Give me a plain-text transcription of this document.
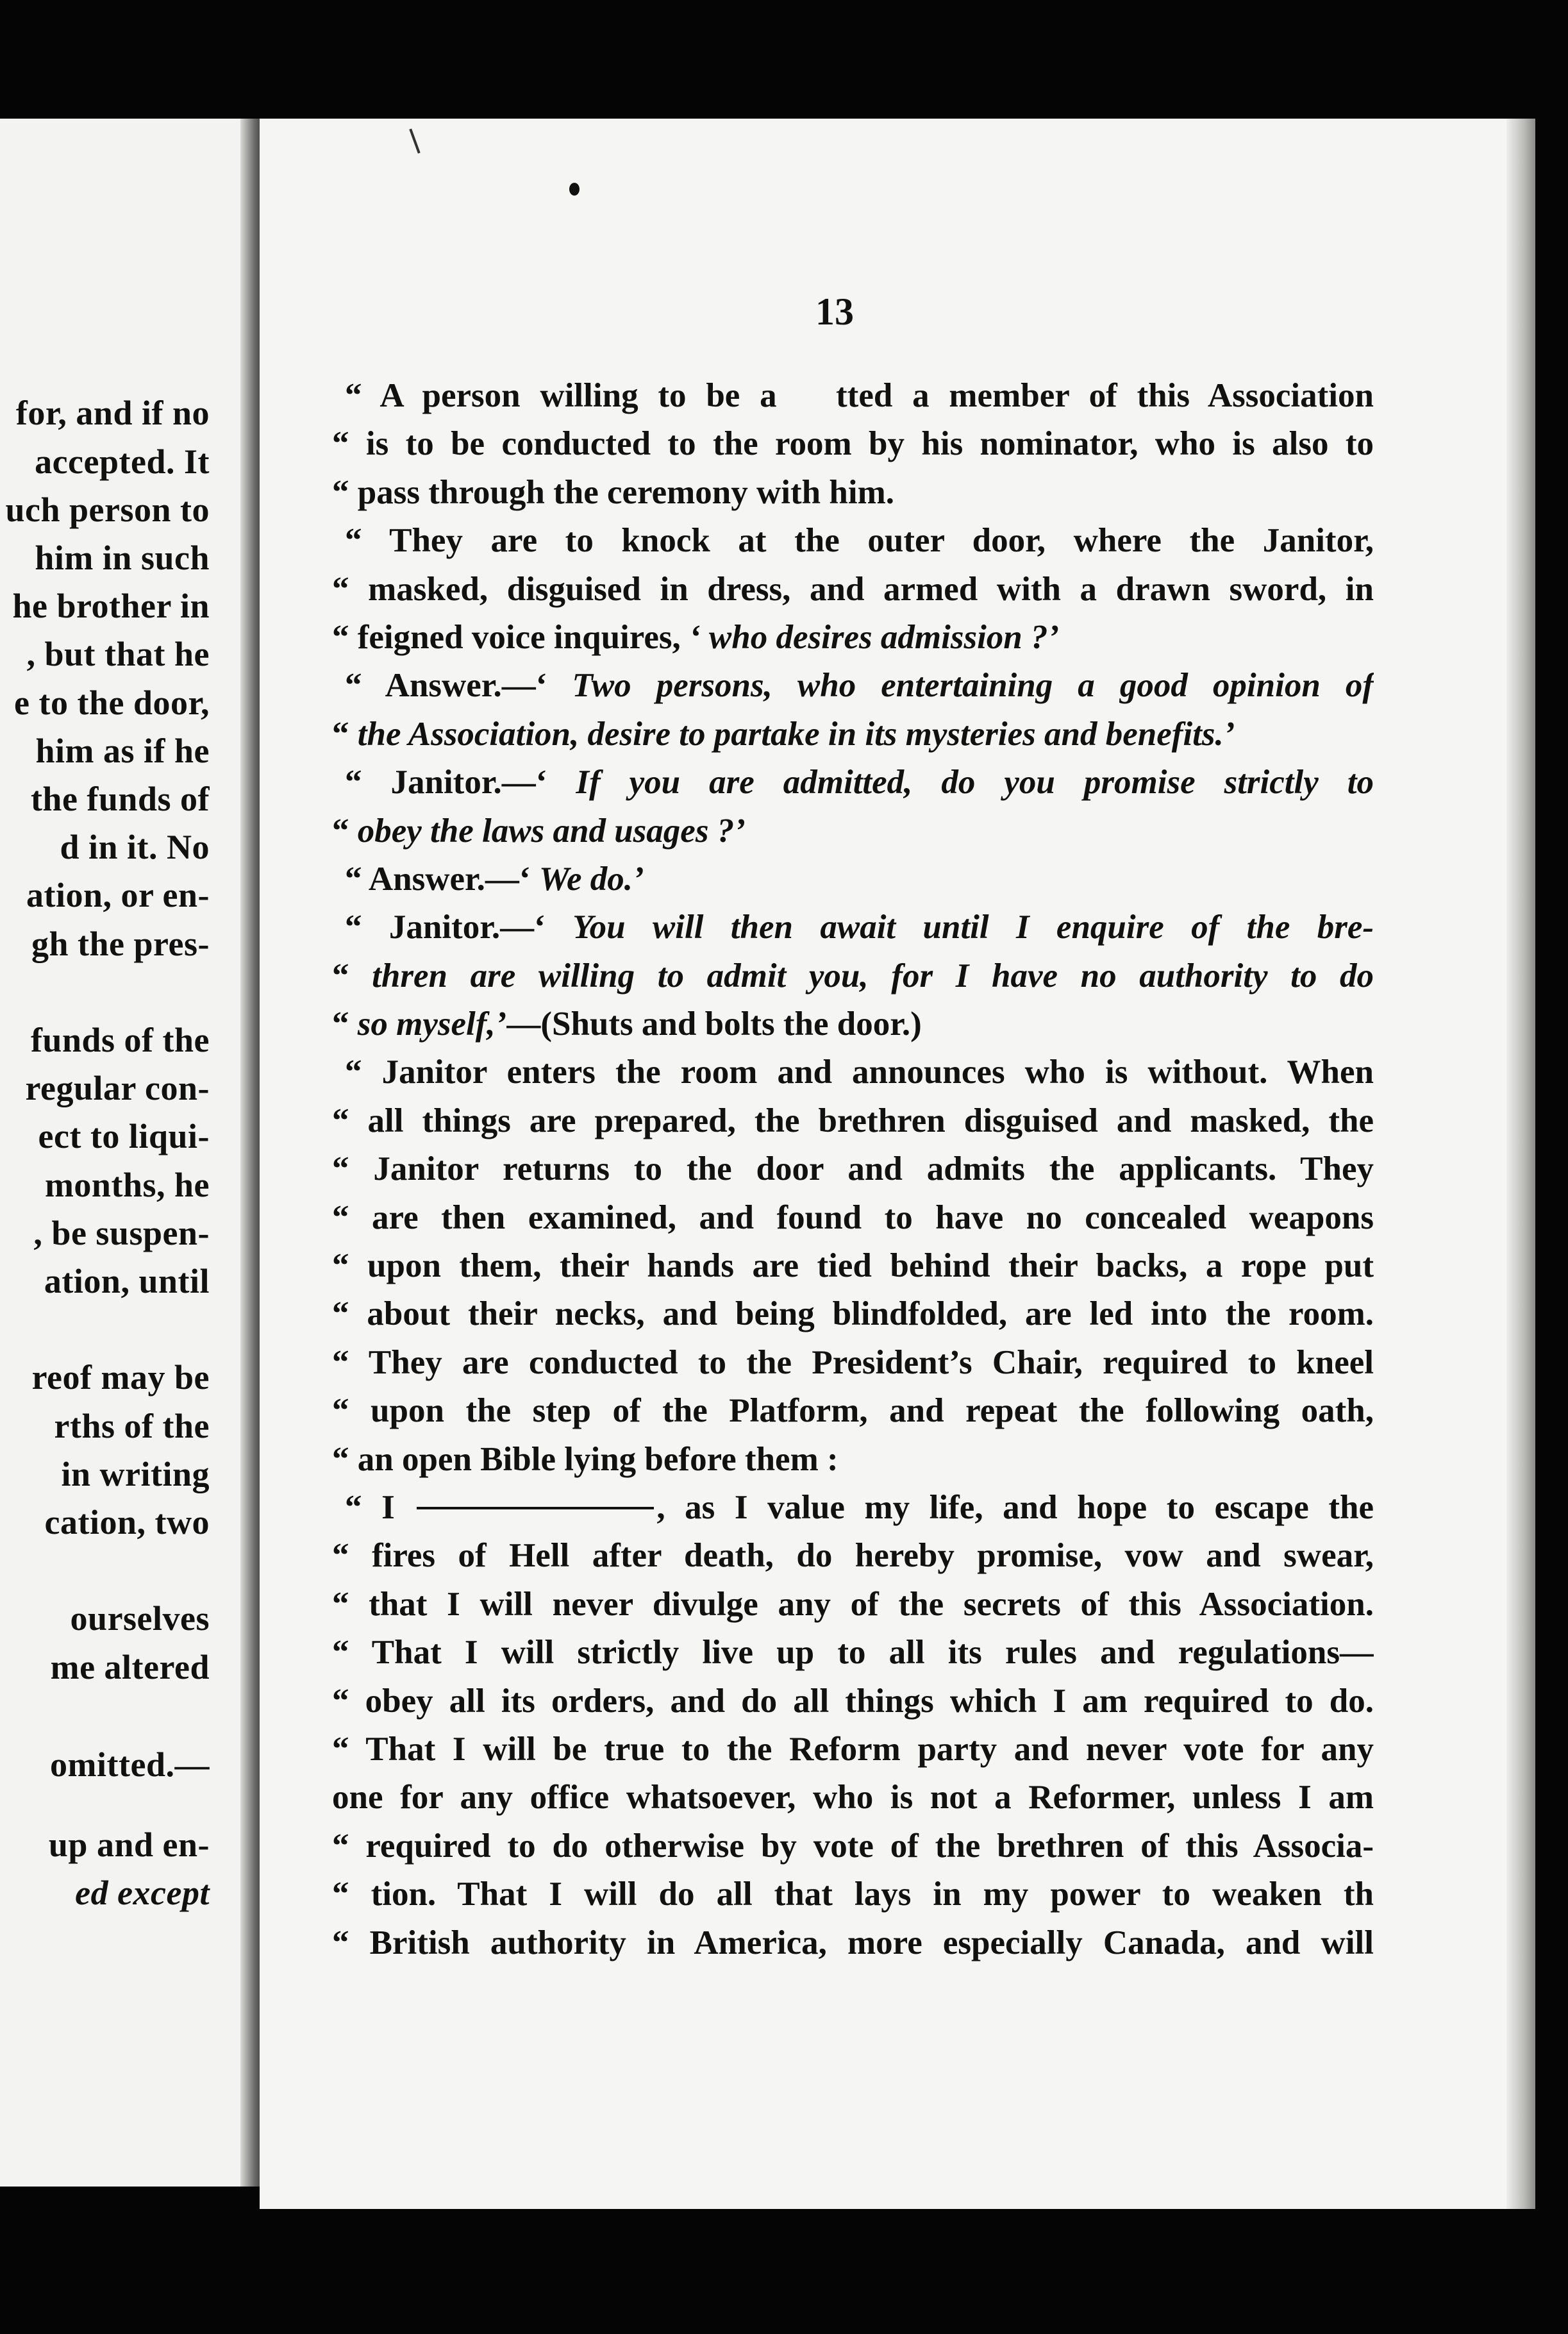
for, and if no
accepted. It
uch person to
him in such
he brother in
, but that he
e to the door,
him as if he
the funds of
d in it. No
ation, or en-
gh the pres-
funds of the
regular con-
ect to liqui-
months, he
, be suspen-
ation, until
reof may be
rths of the
in writing
cation, two
ourselves
me altered
omitted.—
up and en-
ed except
13
“ A person willing to be a tted a member of this Association
“ is to be conducted to the room by his nominator, who is also to
“ pass through the ceremony with him.
“ They are to knock at the outer door, where the Janitor,
“ masked, disguised in dress, and armed with a drawn sword, in
“ feigned voice inquires, ‘ who desires admission ?’
“ Answer.—‘ Two persons, who entertaining a good opinion of
“ the Association, desire to partake in its mysteries and benefits.’
“ Janitor.—‘ If you are admitted, do you promise strictly to
“ obey the laws and usages ?’
“ Answer.—‘ We do.’
“ Janitor.—‘ You will then await until I enquire of the bre-
“ thren are willing to admit you, for I have no authority to do
“ so myself,’—(Shuts and bolts the door.)
“ Janitor enters the room and announces who is without. When
“ all things are prepared, the brethren disguised and masked, the
“ Janitor returns to the door and admits the applicants. They
“ are then examined, and found to have no concealed weapons
“ upon them, their hands are tied behind their backs, a rope put
“ about their necks, and being blindfolded, are led into the room.
“ They are conducted to the President’s Chair, required to kneel
“ upon the step of the Platform, and repeat the following oath,
“ an open Bible lying before them :
“ I	, as I value my life, and hope to escape the
“ fires of Hell after death, do hereby promise, vow and swear,
“ that I will never divulge any of the secrets of this Association.
“ That I will strictly live up to all its rules and regulations—
“ obey all its orders, and do all things which I am required to do.
“ That I will be true to the Reform party and never vote for any
one for any office whatsoever, who is not a Reformer, unless I am
“ required to do otherwise by vote of the brethren of this Associa-
“ tion. That I will do all that lays in my power to weaken th
“ British authority in America, more especially Canada, and will
